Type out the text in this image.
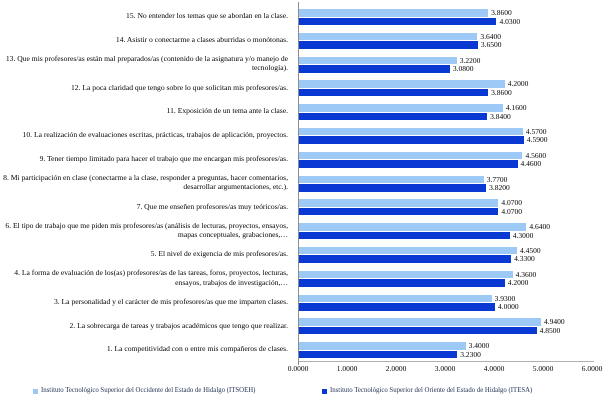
15. No entender los temas que se abordan en la clase.	3.8600
4.0300
14. Asistir o conectarme a clases aburridas o monótonas.	3.6400
3.6500
13. Que mis profesores/as están mal preparados/as (contenido de la asignatura y/o manejo de tecnología).
3.2200
3.0800
12. La poca claridad que tengo sobre lo que solicitan mis profesores/as.	4.2000
3.8600
11. Exposición de un tema ante la clase.	4.1600
3.8400
10. La realización de evaluaciones escritas, prácticas, trabajos de aplicación, proyectos.	4.5700
4.5900
9. Tener tiempo limitado para hacer el trabajo que me encargan mis profesores/as.	4.5600
4.4600
8. Mi participación en clase (conectarme a la clase, responder a preguntas, hacer comentarios, desarrollar argumentaciones, etc.).
3.7700
3.8200
7. Que me enseñen profesores/as muy teóricos/as.	4.0700
4.0700
6. El tipo de trabajo que me piden mis profesores/as (análisis de lecturas, proyectos, ensayos, mapas conceptuales, grabaciones,…
4.6400
4.3000
5. El nivel de exigencia de mis profesores/as.	4.4500
4.3300
4. La forma de evaluación de los(as) profesores/as de las tareas, foros, proyectos, lecturas, ensayos, trabajos de investigación,…
4.3600
4.2000
3. La personalidad y el carácter de mis profesores/as que me imparten clases.	3.9300
4.0000
2. La sobrecarga de tareas y trabajos académicos que tengo que realizar.	4.9400
4.8500
1. La competitividad con o entre mis compañeros de clases.	3.4000
3.2300
0.0000	1.0000	2.0000	3.0000	4.0000	5.0000	6.0000
Instituto Tecnológico Superior del Occidente del Estado de Hidalgo (ITSOEH)	Instituto Tecnológico Superior del Oriente del Estado de Hidalgo (ITESA)
